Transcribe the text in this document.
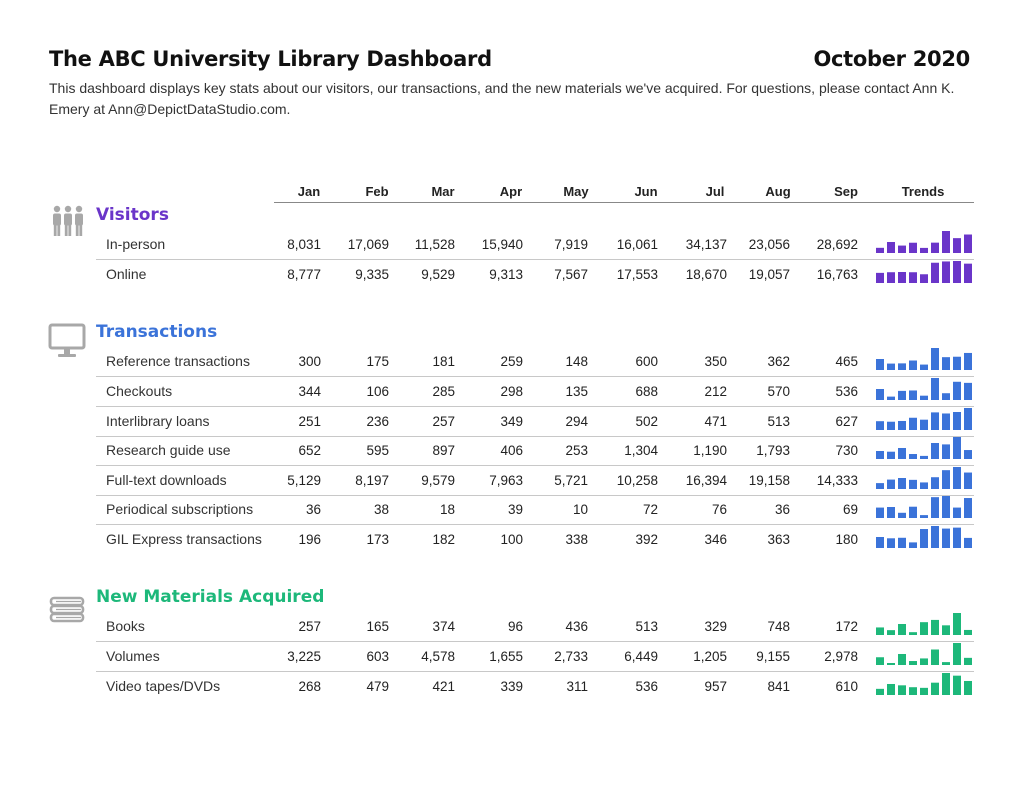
The ABC University Library Dashboard	October 2020
This dashboard displays key stats about our visitors, our transactions, and the new materials we've acquired. For questions, please contact Ann K. Emery at Ann@DepictDataStudio.com.
Jan	Feb	Mar	Apr	May	Jun	Jul	Aug	Sep	Trends
Visitors
In-person	8,031	17,069	11,528	15,940	7,919	16,061	34,137	23,056	28,692
Online	8,777	9,335	9,529	9,313	7,567	17,553	18,670	19,057	16,763
Transactions
Reference transactions	300	175	181	259	148	600	350	362	465
Checkouts	344	106	285	298	135	688	212	570	536
Interlibrary loans	251	236	257	349	294	502	471	513	627
Research guide use	652	595	897	406	253	1,304	1,190	1,793	730
Full-text downloads	5,129	8,197	9,579	7,963	5,721	10,258	16,394	19,158	14,333
Periodical subscriptions	36	38	18	39	10	72	76	36	69
GIL Express transactions	196	173	182	100	338	392	346	363	180
New Materials Acquired
Books	257	165	374	96	436	513	329	748	172
Volumes	3,225	603	4,578	1,655	2,733	6,449	1,205	9,155	2,978
Video tapes/DVDs	268	479	421	339	311	536	957	841	610
